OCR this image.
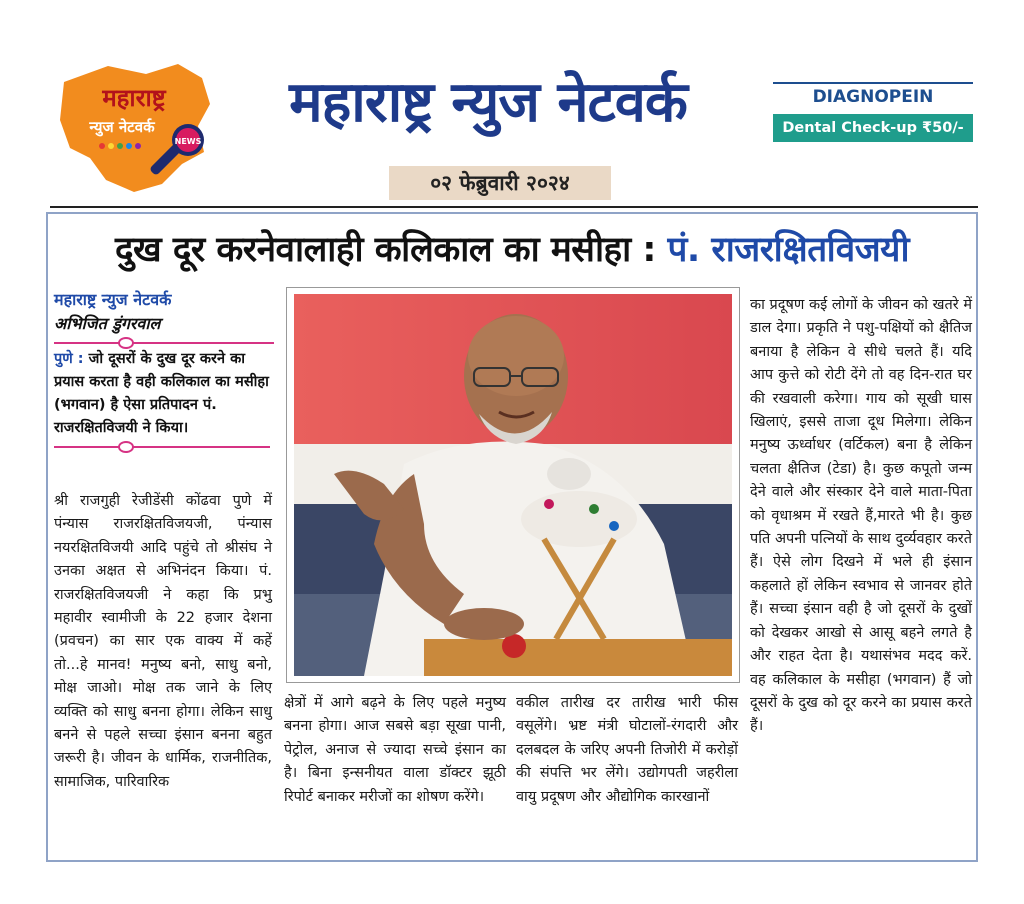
महाराष्ट्र
न्युज नेटवर्क
NEWS
महाराष्ट्र न्युज नेटवर्क
०२ फेब्रुवारी २०२४
DIAGNOPEIN
Dental Check-up ₹50/-
दुख दूर करनेवालाही कलिकाल का मसीहा : पं. राजरक्षितविजयी
महाराष्ट्र न्युज नेटवर्क
अभिजित डुंगरवाल
पुणे : जो दूसरों के दुख दूर करने का प्रयास करता है वही कलिकाल का मसीहा (भगवान) है ऐसा प्रतिपादन पं. राजरक्षितविजयी ने किया।

श्री राजगुही रेजीडेंसी कोंढवा पुणे में पंन्यास राजरक्षितविजयजी, पंन्यास नयरक्षितविजयी आदि पहुंचे तो श्रीसंघ ने उनका अक्षत से अभिनंदन किया। पं. राजरक्षितविजयजी ने कहा कि प्रभु महावीर स्वामीजी के 22 हजार देशना (प्रवचन) का सार एक वाक्य में कहें तो...हे मानव! मनुष्य बनो, साधु बनो, मोक्ष जाओ। मोक्ष तक जाने के लिए व्यक्ति को साधु बनना होगा। लेकिन साधु बनने से पहले सच्चा इंसान बनना बहुत जरूरी है। जीवन के धार्मिक, राजनीतिक, सामाजिक, पारिवारिक

क्षेत्रों में आगे बढ़ने के लिए पहले मनुष्य बनना होगा। आज सबसे बड़ा सूखा पानी, पेट्रोल, अनाज से ज्यादा सच्चे इंसान का है। बिना इन्सनीयत वाला डॉक्टर झूठी रिपोर्ट बनाकर मरीजों का शोषण करेंगे।

वकील तारीख दर तारीख भारी फीस वसूलेंगे। भ्रष्ट मंत्री घोटालों-रंगदारी और दलबदल के जरिए अपनी तिजोरी में करोड़ों की संपत्ति भर लेंगे। उद्योगपती जहरीला वायु प्रदूषण और औद्योगिक कारखानों

का प्रदूषण कई लोगों के जीवन को खतरे में डाल देगा। प्रकृति ने पशु-पक्षियों को क्षैतिज बनाया है लेकिन वे सीधे चलते हैं। यदि आप कुत्ते को रोटी देंगे तो वह दिन-रात घर की रखवाली करेगा। गाय को सूखी घास खिलाएं, इससे ताजा दूध मिलेगा। लेकिन मनुष्य ऊर्ध्वाधर (वर्टिकल) बना है लेकिन चलता क्षैतिज (टेडा) है। कुछ कपूतो जन्म देने वाले और संस्कार देने वाले माता-पिता को वृधाश्रम में रखते हैं,मारते भी है। कुछ पति अपनी पत्नियों के साथ दुर्व्यवहार करते हैं। ऐसे लोग दिखने में भले ही इंसान कहलाते हों लेकिन स्वभाव से जानवर होते हैं। सच्चा इंसान वही है जो दूसरों के दुखों को देखकर आखो से आसू बहने लगते है और राहत देता है। यथासंभव मदद करें. वह कलिकाल के मसीहा (भगवान) हैं जो दूसरों के दुख को दूर करने का प्रयास करते हैं।
